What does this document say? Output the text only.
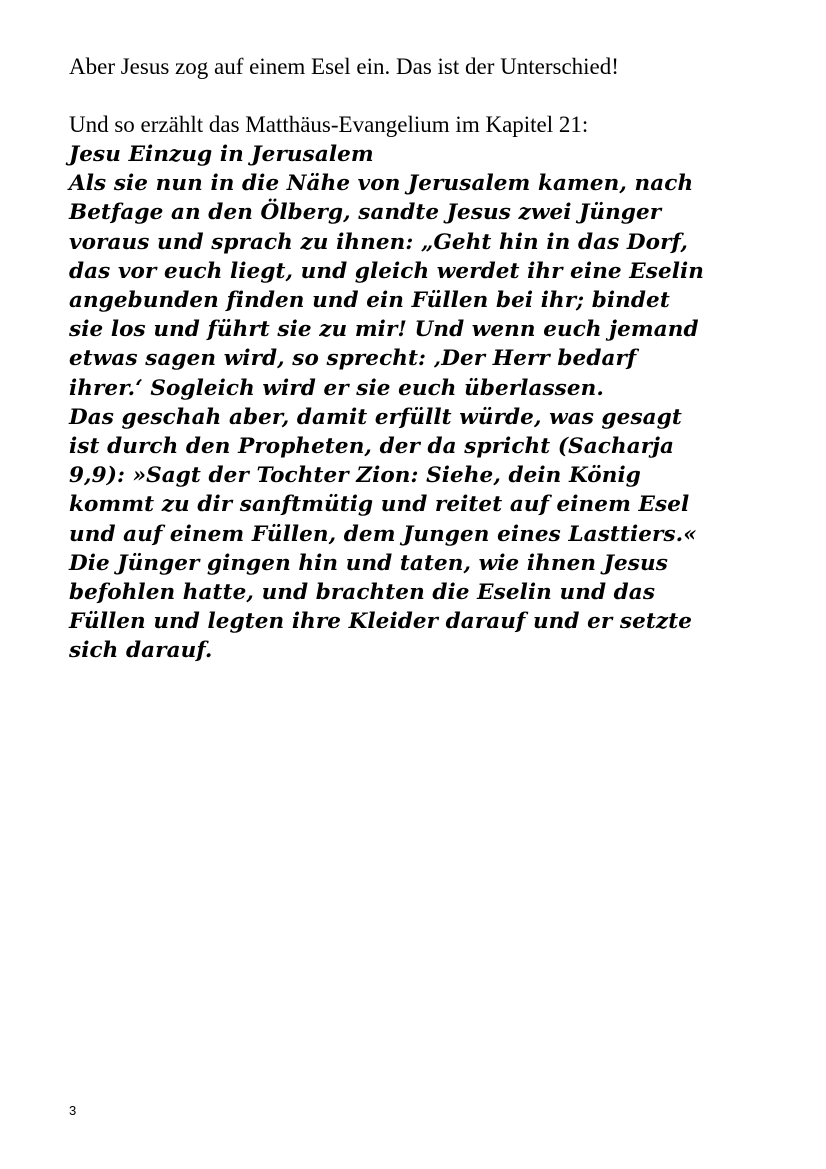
Aber Jesus zog auf einem Esel ein. Das ist der Unterschied!
Und so erzählt das Matthäus-Evangelium im Kapitel 21:
Jesu Einzug in Jerusalem
Als sie nun in die Nähe von Jerusalem kamen, nach
Betfage an den Ölberg, sandte Jesus zwei Jünger
voraus und sprach zu ihnen: „Geht hin in das Dorf,
das vor euch liegt, und gleich werdet ihr eine Eselin
angebunden finden und ein Füllen bei ihr; bindet
sie los und führt sie zu mir! Und wenn euch jemand
etwas sagen wird, so sprecht: ‚Der Herr bedarf
ihrer.‘ Sogleich wird er sie euch überlassen.
Das geschah aber, damit erfüllt würde, was gesagt
ist durch den Propheten, der da spricht (Sacharja
9,9): »Sagt der Tochter Zion: Siehe, dein König
kommt zu dir sanftmütig und reitet auf einem Esel
und auf einem Füllen, dem Jungen eines Lasttiers.«
Die Jünger gingen hin und taten, wie ihnen Jesus
befohlen hatte, und brachten die Eselin und das
Füllen und legten ihre Kleider darauf und er setzte
sich darauf.
3
